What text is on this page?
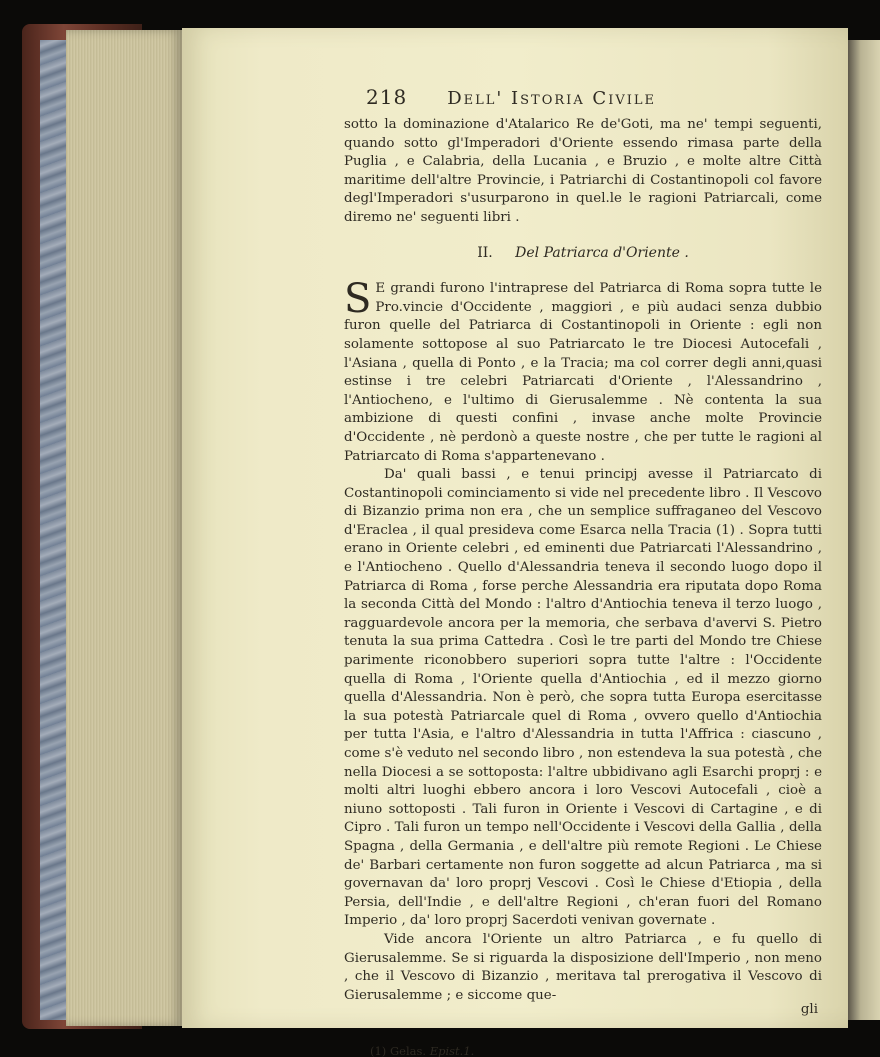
218 Dell' Istoria Civile

sotto la dominazione d'Atalarico Re de'Goti, ma ne' tempi seguenti, quando sotto gl'Imperadori d'Oriente essendo rimasa parte della Puglia , e Calabria, della Lucania , e Bruzio , e molte altre Città maritime dell'altre Provincie, i Patriarchi di Costantinopoli col favore degl'Imperadori s'usurparono in quel.le le ragioni Patriarcali, come diremo ne' seguenti libri .

II. Del Patriarca d'Oriente .

S E grandi furono l'intraprese del Patriarca di Roma sopra tutte le Pro.vincie d'Occidente , maggiori , e più audaci senza dubbio furon quelle del Patriarca di Costantinopoli in Oriente : egli non solamente sottopose al suo Patriarcato le tre Diocesi Autocefali , l'Asiana , quella di Ponto , e la Tracia; ma col correr degli anni,quasi estinse i tre celebri Patriarcati d'Oriente , l'Alessandrino , l'Antiocheno, e l'ultimo di Gierusalemme . Nè contenta la sua ambizione di questi confini , invase anche molte Provincie d'Occidente , nè perdonò a queste nostre , che per tutte le ragioni al Patriarcato di Roma s'appartenevano .

Da' quali bassi , e tenui principj avesse il Patriarcato di Costantinopoli cominciamento si vide nel precedente libro . Il Vescovo di Bizanzio prima non era , che un semplice suffraganeo del Vescovo d'Eraclea , il qual presideva come Esarca nella Tracia (1) . Sopra tutti erano in Oriente celebri , ed eminenti due Patriarcati l'Alessandrino , e l'Antiocheno . Quello d'Alessandria teneva il secondo luogo dopo il Patriarca di Roma , forse perche Alessandria era riputata dopo Roma la seconda Città del Mondo : l'altro d'Antiochia teneva il terzo luogo , ragguardevole ancora per la memoria, che serbava d'avervi S. Pietro tenuta la sua prima Cattedra . Così le tre parti del Mondo tre Chiese parimente riconobbero superiori sopra tutte l'altre : l'Occidente quella di Roma , l'Oriente quella d'Antiochia , ed il mezzo giorno quella d'Alessandria. Non è però, che sopra tutta Europa esercitasse la sua potestà Patriarcale quel di Roma , ovvero quello d'Antiochia per tutta l'Asia, e l'altro d'Alessandria in tutta l'Affrica : ciascuno , come s'è veduto nel secondo libro , non estendeva la sua potestà , che nella Diocesi a se sottoposta: l'altre ubbidivano agli Esarchi proprj : e molti altri luoghi ebbero ancora i loro Vescovi Autocefali , cioè a niuno sottoposti . Tali furon in Oriente i Vescovi di Cartagine , e di Cipro . Tali furon un tempo nell'Occidente i Vescovi della Gallia , della Spagna , della Germania , e dell'altre più remote Regioni . Le Chiese de' Barbari certamente non furon soggette ad alcun Patriarca , ma si governavan da' loro proprj Vescovi . Così le Chiese d'Etiopia , della Persia, dell'Indie , e dell'altre Regioni , ch'eran fuori del Romano Imperio , da' loro proprj Sacerdoti venivan governate .

Vide ancora l'Oriente un altro Patriarca , e fu quello di Gierusalemme. Se si riguarda la disposizione dell'Imperio , non meno , che il Vescovo di Bizanzio , meritava tal prerogativa il Vescovo di Gierusalemme ; e siccome que-

gli
(1) Gelas. Epist.1.
